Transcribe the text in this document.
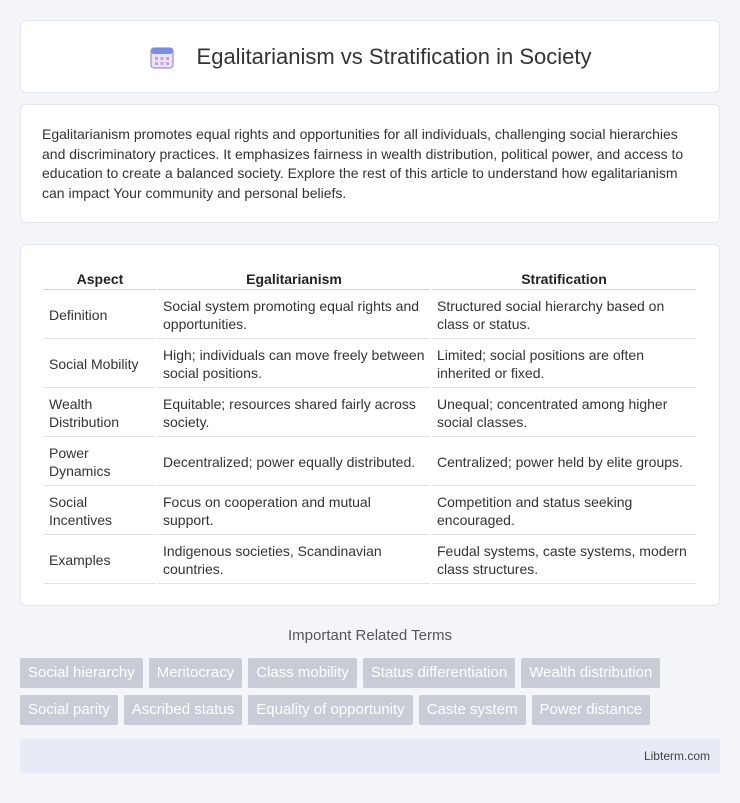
Egalitarianism vs Stratification in Society

Egalitarianism promotes equal rights and opportunities for all individuals, challenging social hierarchies and discriminatory practices. It emphasizes fairness in wealth distribution, political power, and access to education to create a balanced society. Explore the rest of this article to understand how egalitarianism can impact Your community and personal beliefs.

Aspect	Egalitarianism	Stratification
Definition	Social system promoting equal rights and opportunities.	Structured social hierarchy based on class or status.
Social Mobility	High; individuals can move freely between social positions.	Limited; social positions are often inherited or fixed.
Wealth Distribution	Equitable; resources shared fairly across society.	Unequal; concentrated among higher social classes.
Power Dynamics	Decentralized; power equally distributed.	Centralized; power held by elite groups.
Social Incentives	Focus on cooperation and mutual support.	Competition and status seeking encouraged.
Examples	Indigenous societies, Scandinavian countries.	Feudal systems, caste systems, modern class structures.
Important Related Terms
Social hierarchy	Meritocracy	Class mobility	Status differentiation	Wealth distribution
Social parity	Ascribed status	Equality of opportunity	Caste system	Power distance
Libterm.com
